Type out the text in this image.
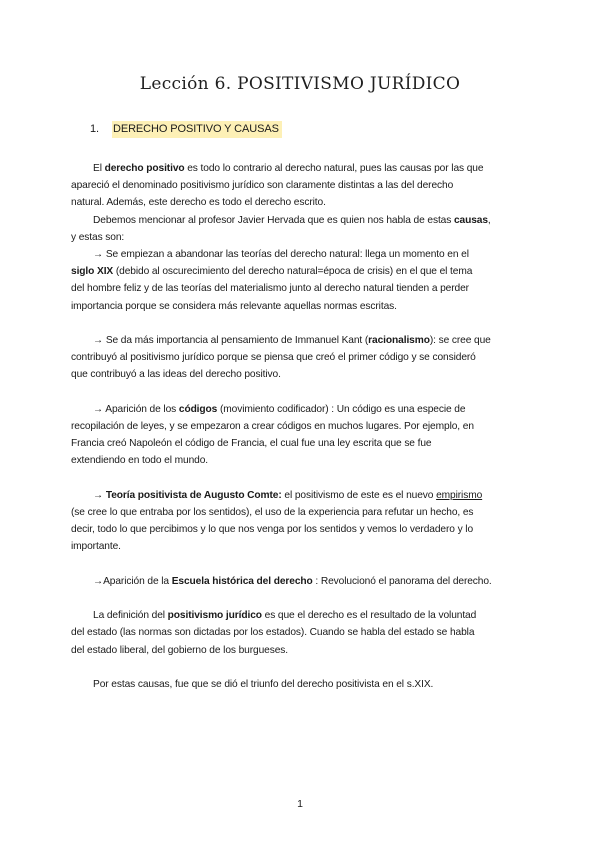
Lección 6. POSITIVISMO JURÍDICO
1. DERECHO POSITIVO Y CAUSAS

El derecho positivo es todo lo contrario al derecho natural, pues las causas por las que

apareció el denominado positivismo jurídico son claramente distintas a las del derecho

natural. Además, este derecho es todo el derecho escrito.

Debemos mencionar al profesor Javier Hervada que es quien nos habla de estas causas,

y estas son:

→ Se empiezan a abandonar las teorías del derecho natural: llega un momento en el

siglo XIX (debido al oscurecimiento del derecho natural=época de crisis) en el que el tema

del hombre feliz y de las teorías del materialismo junto al derecho natural tienden a perder

importancia porque se considera más relevante aquellas normas escritas.

→ Se da más importancia al pensamiento de Immanuel Kant (racionalismo): se cree que

contribuyó al positivismo jurídico porque se piensa que creó el primer código y se consideró

que contribuyó a las ideas del derecho positivo.

→ Aparición de los códigos (movimiento codificador) : Un código es una especie de

recopilación de leyes, y se empezaron a crear códigos en muchos lugares. Por ejemplo, en

Francia creó Napoleón el código de Francia, el cual fue una ley escrita que se fue

extendiendo en todo el mundo.

→ Teoría positivista de Augusto Comte: el positivismo de este es el nuevo empirismo

(se cree lo que entraba por los sentidos), el uso de la experiencia para refutar un hecho, es

decir, todo lo que percibimos y lo que nos venga por los sentidos y vemos lo verdadero y lo

importante.

→Aparición de la Escuela histórica del derecho : Revolucionó el panorama del derecho.

La definición del positivismo jurídico es que el derecho es el resultado de la voluntad

del estado (las normas son dictadas por los estados). Cuando se habla del estado se habla

del estado liberal, del gobierno de los burgueses.

Por estas causas, fue que se dió el triunfo del derecho positivista en el s.XIX.

1
